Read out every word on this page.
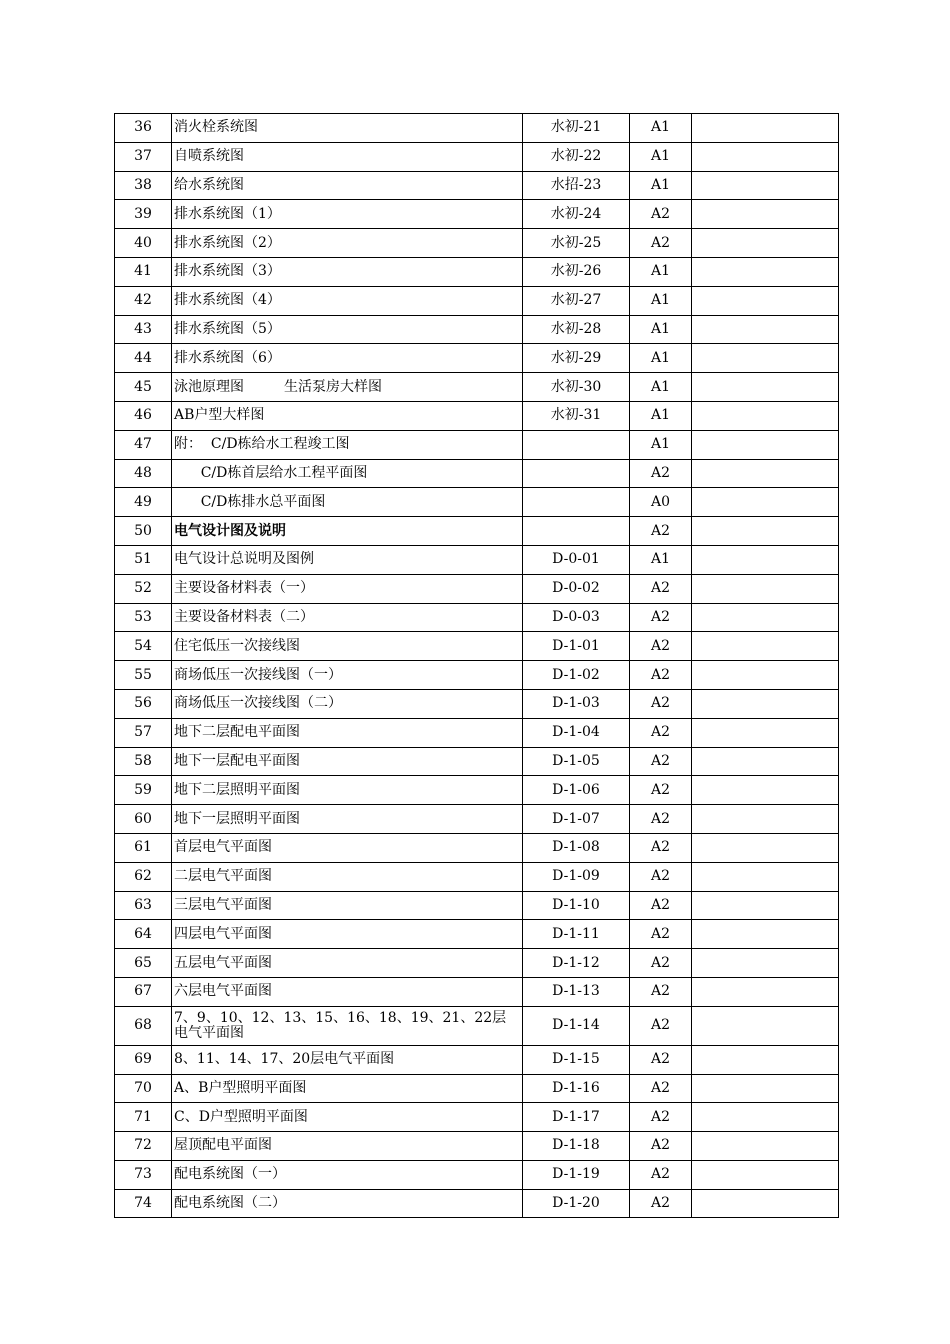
36	消火栓系统图	水初-21	A1	
37	自喷系统图	水初-22	A1	
38	给水系统图	水招-23	A1	
39	排水系统图（1）	水初-24	A2	
40	排水系统图（2）	水初-25	A2	
41	排水系统图（3）	水初-26	A1	
42	排水系统图（4）	水初-27	A1	
43	排水系统图（5）	水初-28	A1	
44	排水系统图（6）	水初-29	A1	
45	泳池原理图         生活泵房大样图	水初-30	A1	
46	AB户型大样图	水初-31	A1	
47	附：  C/D栋给水工程竣工图		A1	
48	C/D栋首层给水工程平面图		A2	
49	C/D栋排水总平面图		A0	
50	电气设计图及说明		A2	
51	电气设计总说明及图例	D-0-01	A1	
52	主要设备材料表（一）	D-0-02	A2	
53	主要设备材料表（二）	D-0-03	A2	
54	住宅低压一次接线图	D-1-01	A2	
55	商场低压一次接线图（一）	D-1-02	A2	
56	商场低压一次接线图（二）	D-1-03	A2	
57	地下二层配电平面图	D-1-04	A2	
58	地下一层配电平面图	D-1-05	A2	
59	地下二层照明平面图	D-1-06	A2	
60	地下一层照明平面图	D-1-07	A2	
61	首层电气平面图	D-1-08	A2	
62	二层电气平面图	D-1-09	A2	
63	三层电气平面图	D-1-10	A2	
64	四层电气平面图	D-1-11	A2	
65	五层电气平面图	D-1-12	A2	
67	六层电气平面图	D-1-13	A2	
68	7、9、10、12、13、15、16、18、19、21、22层电气平面图	D-1-14	A2	
69	8、11、14、17、20层电气平面图	D-1-15	A2	
70	A、B户型照明平面图	D-1-16	A2	
71	C、D户型照明平面图	D-1-17	A2	
72	屋顶配电平面图	D-1-18	A2	
73	配电系统图（一）	D-1-19	A2	
74	配电系统图（二）	D-1-20	A2	
